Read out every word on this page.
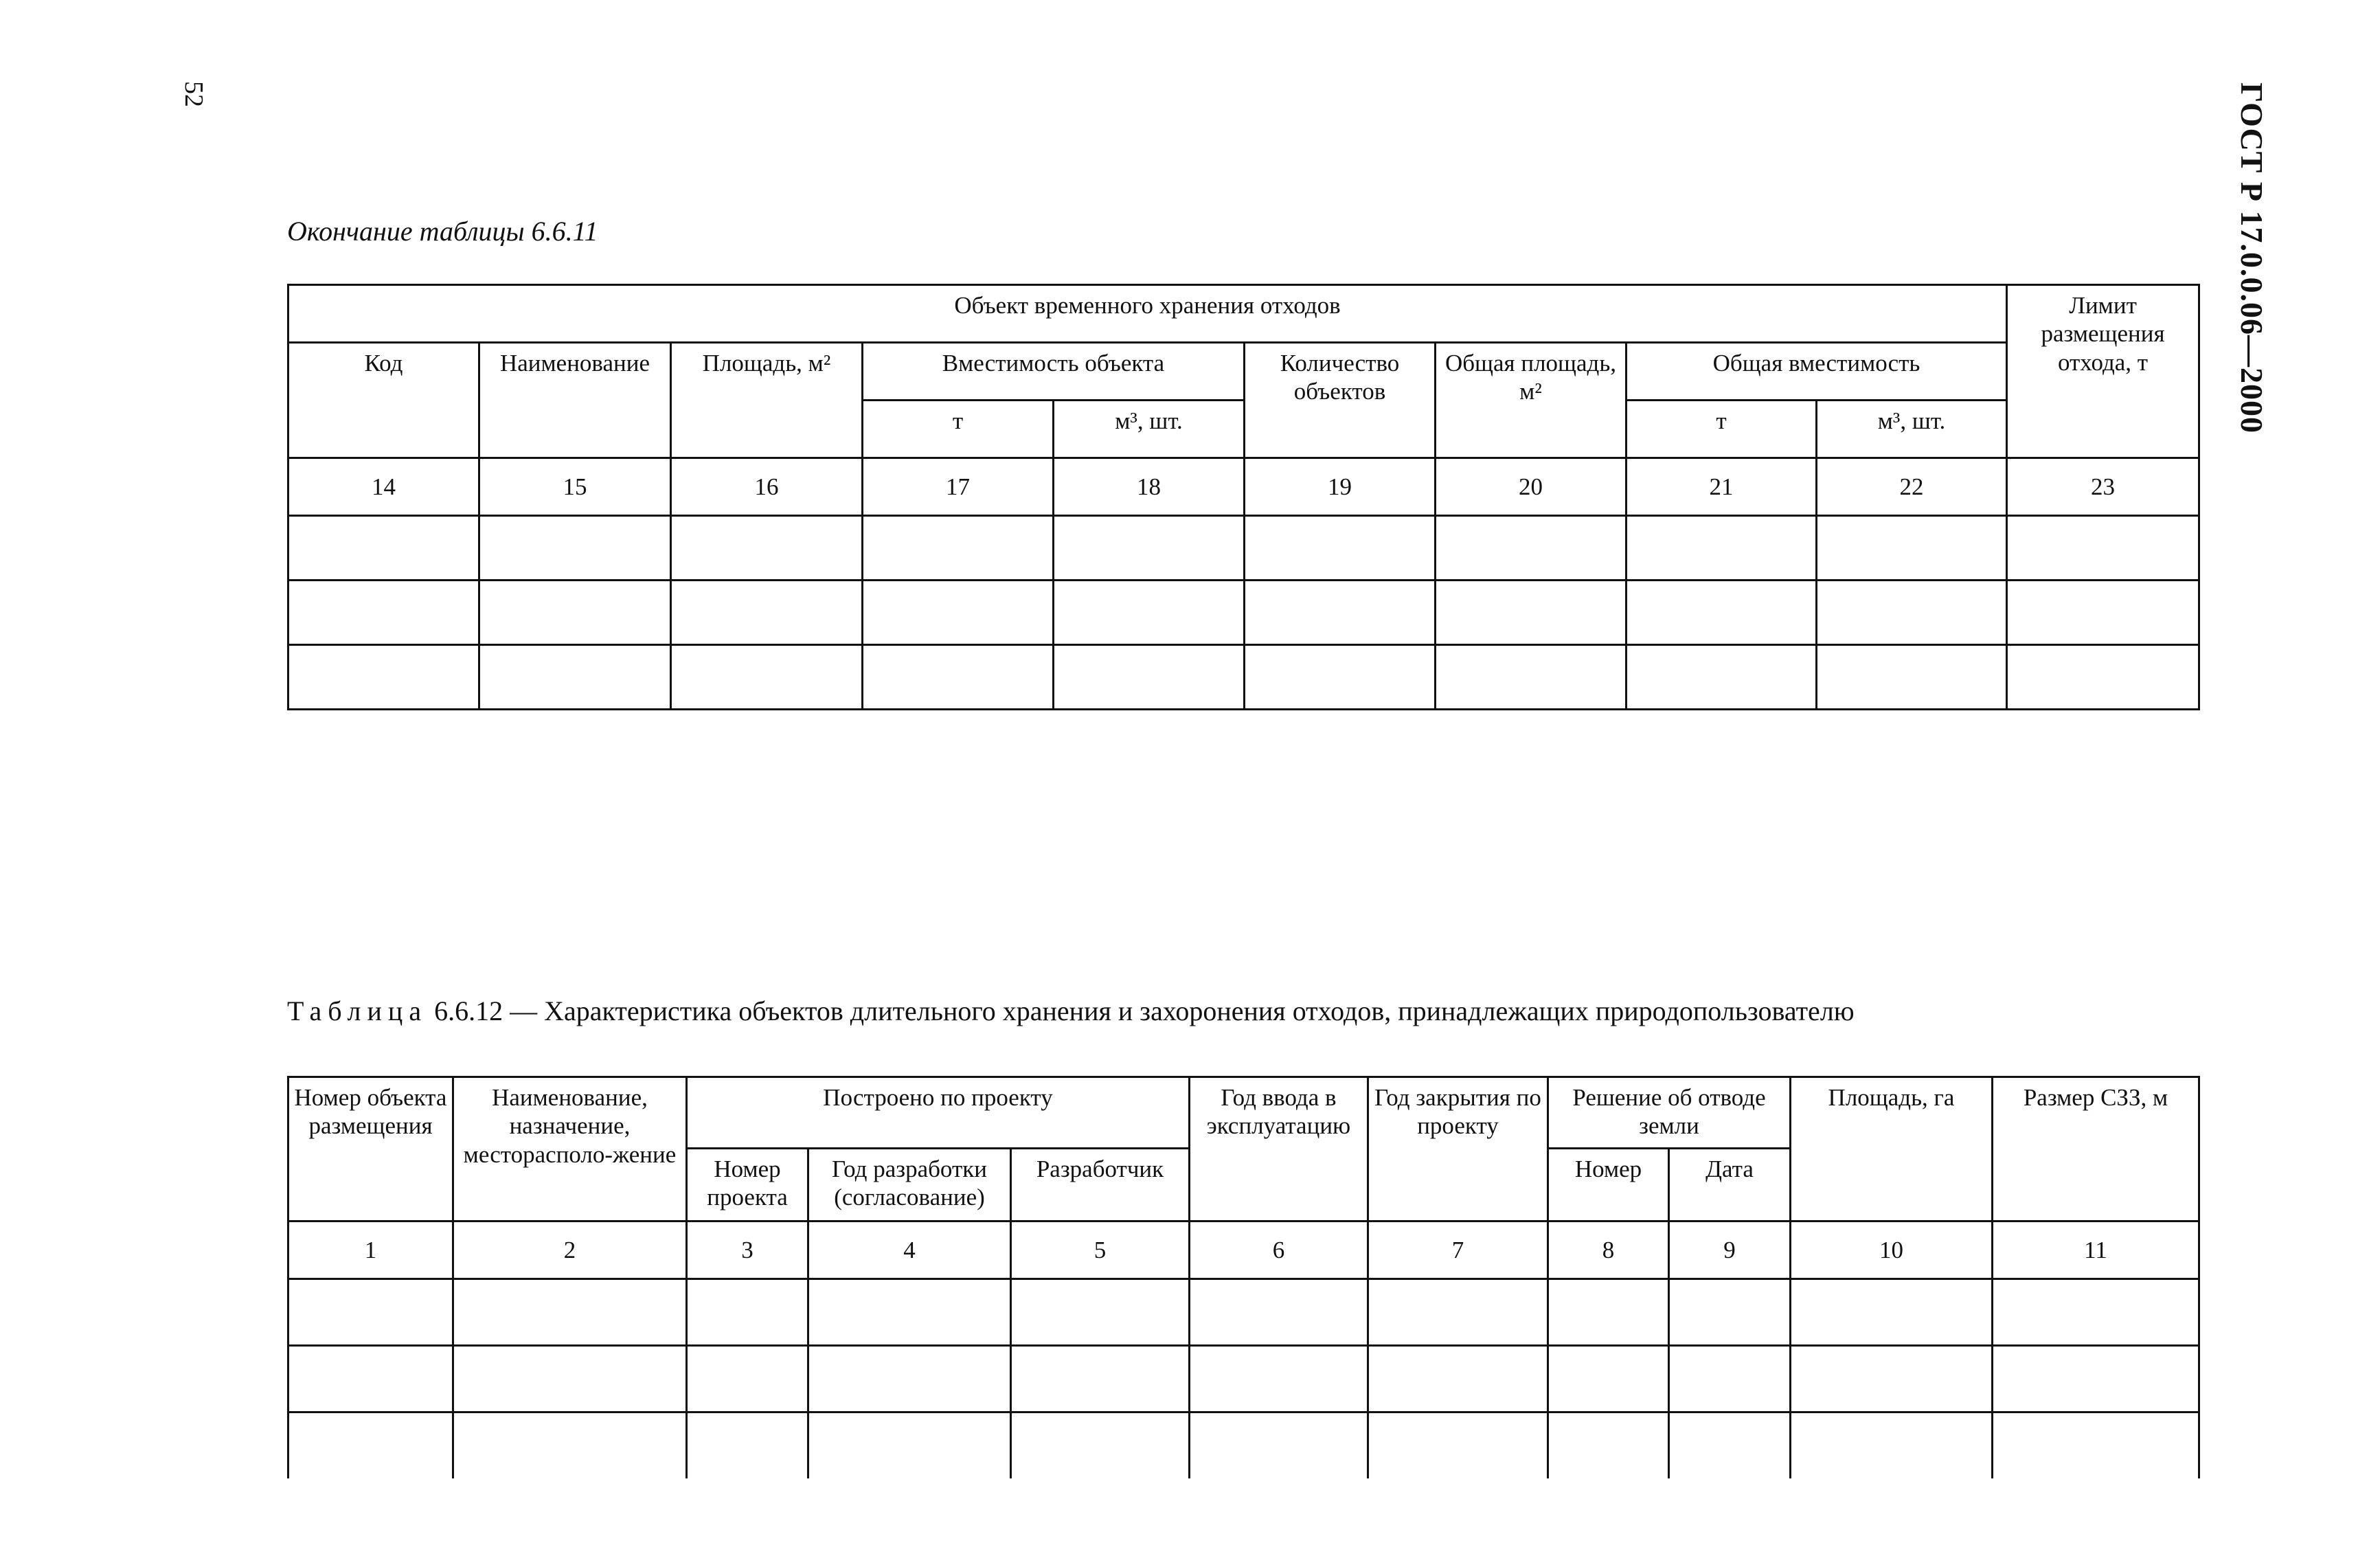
52	ГОСТ Р 17.0.0.06—2000
Окончание таблицы 6.6.11
Объект временного хранения отходов									Лимит размещения отхода, т
Код	Наименование	Площадь, м²	Вместимость объекта		Количество объектов	Общая площадь, м²	Общая вместимость		
			т	м³, шт.			т	м³, шт.	
14	15	16	17	18	19	20	21	22	23

Таблица 6.6.12 — Характеристика объектов длительного хранения и захоронения отходов, принадлежащих природопользователю
Номер объекта размещения	Наименование, назначение, месторасполо-жение	Построено по проекту			Год ввода в эксплуатацию	Год закрытия по проекту	Решение об отводе земли		Площадь, га	Размер СЗЗ, м
		Номер проекта	Год разработки (согласование)	Разработчик			Номер	Дата		
1	2	3	4	5	6	7	8	9	10	11
